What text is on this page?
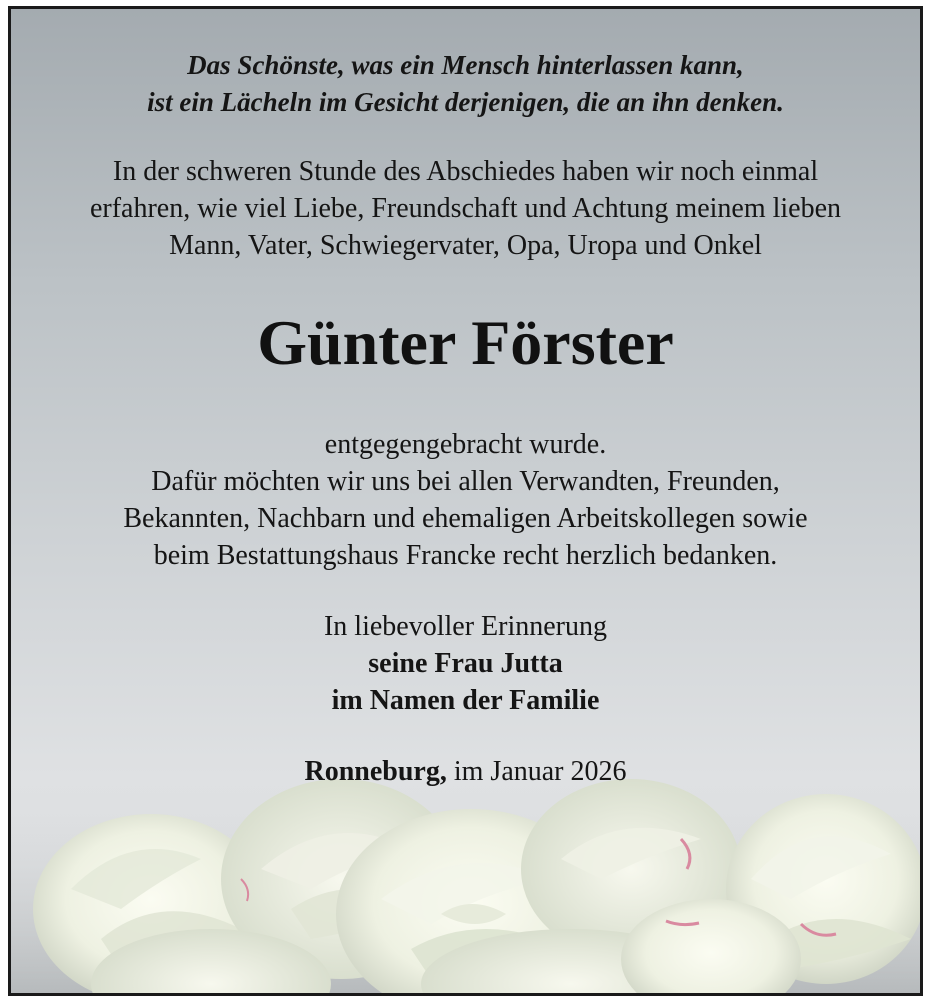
Das Schönste, was ein Mensch hinterlassen kann,
ist ein Lächeln im Gesicht derjenigen, die an ihn denken.
In der schweren Stunde des Abschiedes haben wir noch einmal
erfahren, wie viel Liebe, Freundschaft und Achtung meinem lieben
Mann, Vater, Schwiegervater, Opa, Uropa und Onkel
Günter Förster
entgegengebracht wurde.
Dafür möchten wir uns bei allen Verwandten, Freunden,
Bekannten, Nachbarn und ehemaligen Arbeitskollegen sowie
beim Bestattungshaus Francke recht herzlich bedanken.
In liebevoller Erinnerung
seine Frau Jutta
im Namen der Familie
Ronneburg, im Januar 2026
